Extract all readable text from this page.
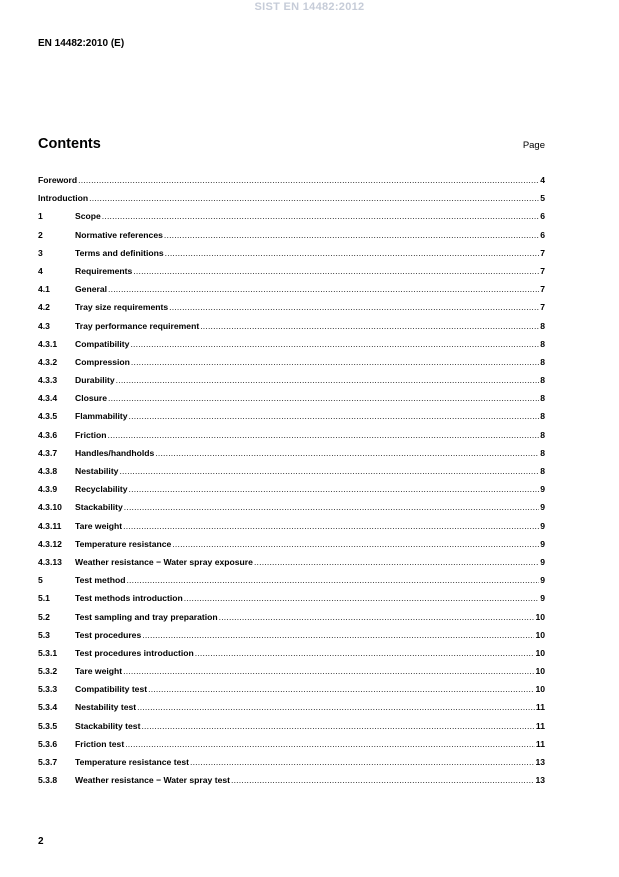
SIST EN 14482:2012
EN 14482:2010 (E)
Contents	Page
Foreword .....	4
Introduction .....	5
1	Scope .....	6
2	Normative references .....	6
3	Terms and definitions .....	7
4	Requirements .....	7
4.1	General .....	7
4.2	Tray size requirements .....	7
4.3	Tray performance requirement .....	8
4.3.1	Compatibility .....	8
4.3.2	Compression .....	8
4.3.3	Durability .....	8
4.3.4	Closure .....	8
4.3.5	Flammability .....	8
4.3.6	Friction .....	8
4.3.7	Handles/handholds .....	8
4.3.8	Nestability .....	8
4.3.9	Recyclability .....	9
4.3.10	Stackability .....	9
4.3.11	Tare weight .....	9
4.3.12	Temperature resistance .....	9
4.3.13	Weather resistance − Water spray exposure .....	9
5	Test method .....	9
5.1	Test methods introduction .....	9
5.2	Test sampling and tray preparation .....	10
5.3	Test procedures .....	10
5.3.1	Test procedures introduction .....	10
5.3.2	Tare weight .....	10
5.3.3	Compatibility test .....	10
5.3.4	Nestability test .....	11
5.3.5	Stackability test .....	11
5.3.6	Friction test .....	11
5.3.7	Temperature resistance test .....	13
5.3.8	Weather resistance − Water spray test .....	13
2
